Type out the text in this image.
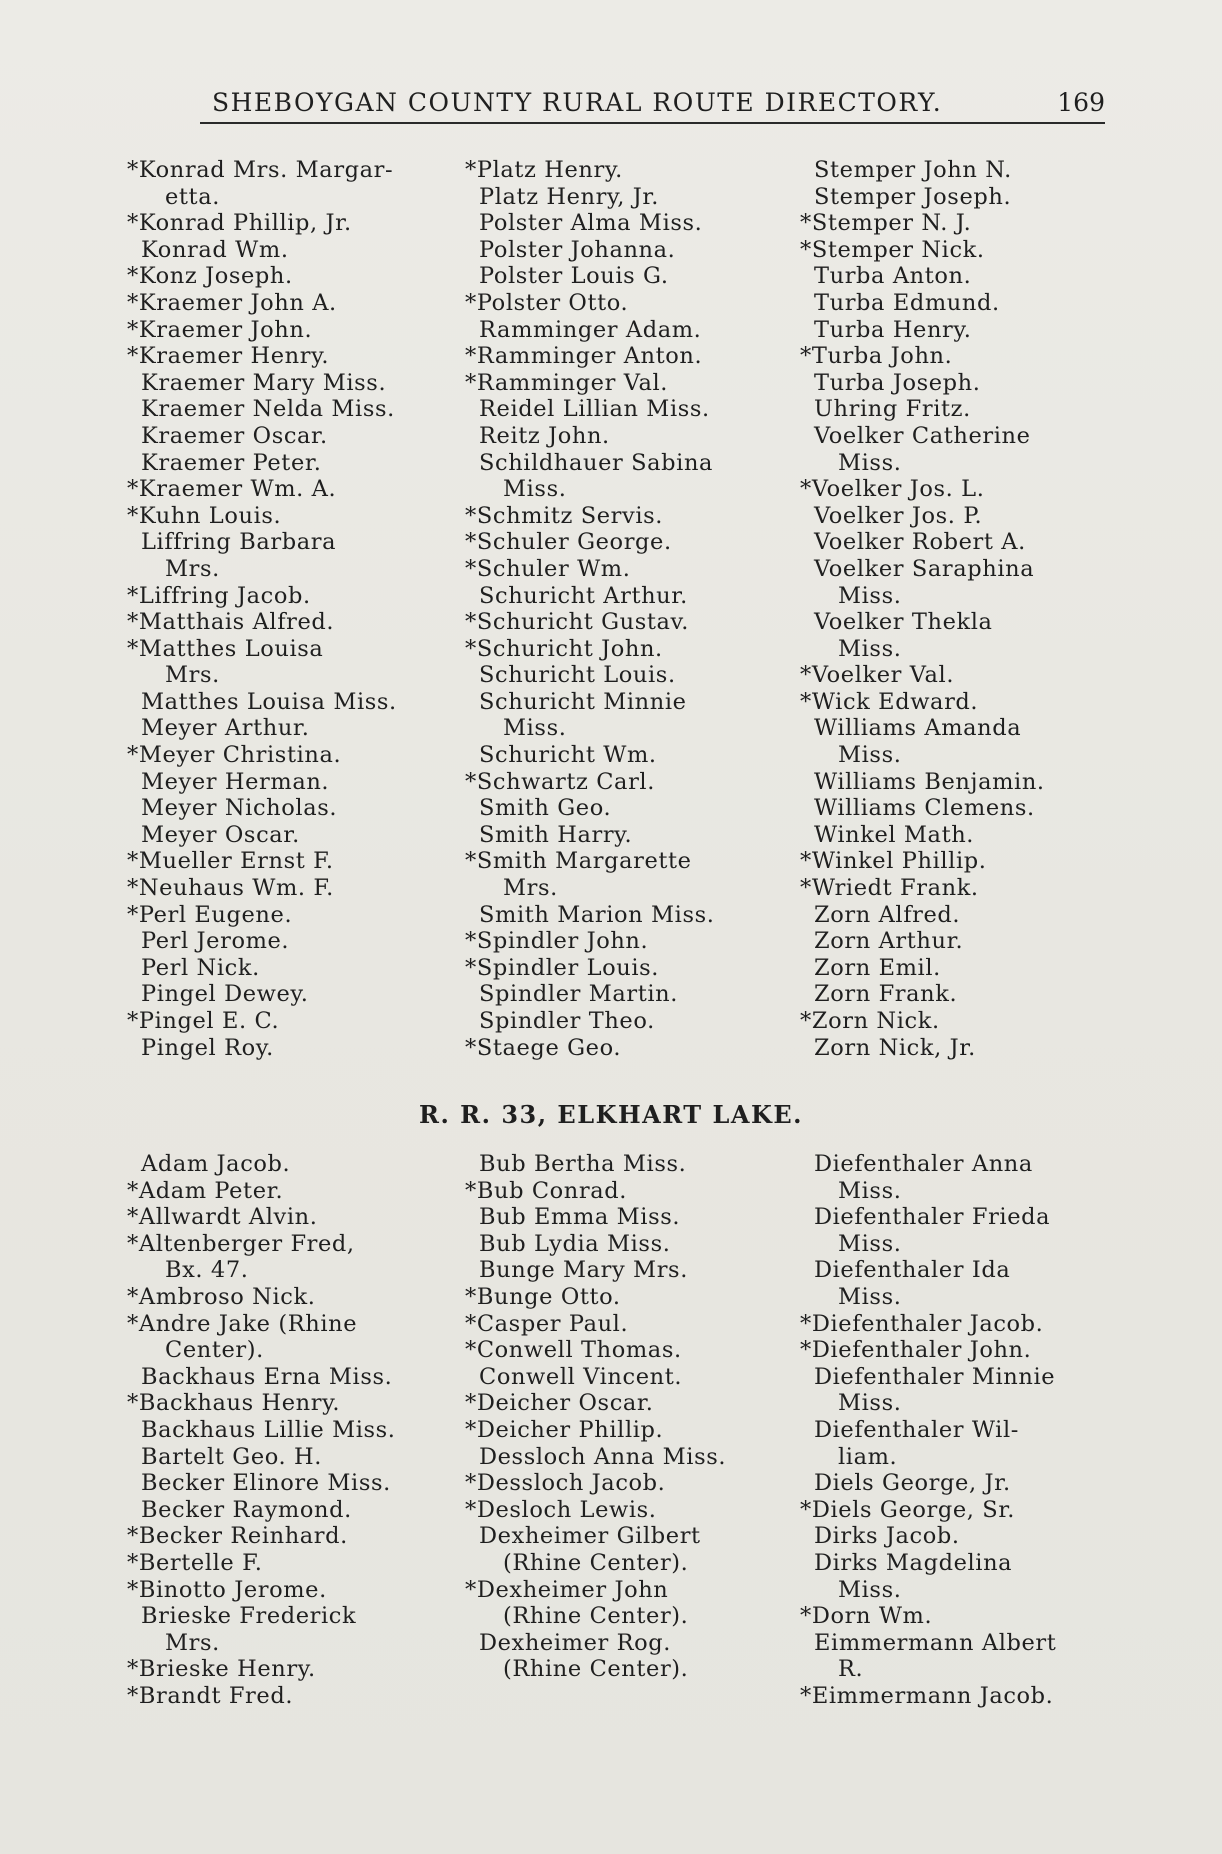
SHEBOYGAN COUNTY RURAL ROUTE DIRECTORY.	169
*Konrad Mrs. Margar-
etta.
*Konrad Phillip, Jr.
Konrad Wm.
*Konz Joseph.
*Kraemer John A.
*Kraemer John.
*Kraemer Henry.
Kraemer Mary Miss.
Kraemer Nelda Miss.
Kraemer Oscar.
Kraemer Peter.
*Kraemer Wm. A.
*Kuhn Louis.
Liffring Barbara
Mrs.
*Liffring Jacob.
*Matthais Alfred.
*Matthes Louisa
Mrs.
Matthes Louisa Miss.
Meyer Arthur.
*Meyer Christina.
Meyer Herman.
Meyer Nicholas.
Meyer Oscar.
*Mueller Ernst F.
*Neuhaus Wm. F.
*Perl Eugene.
Perl Jerome.
Perl Nick.
Pingel Dewey.
*Pingel E. C.
Pingel Roy.
*Platz Henry.
Platz Henry, Jr.
Polster Alma Miss.
Polster Johanna.
Polster Louis G.
*Polster Otto.
Ramminger Adam.
*Ramminger Anton.
*Ramminger Val.
Reidel Lillian Miss.
Reitz John.
Schildhauer Sabina
Miss.
*Schmitz Servis.
*Schuler George.
*Schuler Wm.
Schuricht Arthur.
*Schuricht Gustav.
*Schuricht John.
Schuricht Louis.
Schuricht Minnie
Miss.
Schuricht Wm.
*Schwartz Carl.
Smith Geo.
Smith Harry.
*Smith Margarette
Mrs.
Smith Marion Miss.
*Spindler John.
*Spindler Louis.
Spindler Martin.
Spindler Theo.
*Staege Geo.
Stemper John N.
Stemper Joseph.
*Stemper N. J.
*Stemper Nick.
Turba Anton.
Turba Edmund.
Turba Henry.
*Turba John.
Turba Joseph.
Uhring Fritz.
Voelker Catherine
Miss.
*Voelker Jos. L.
Voelker Jos. P.
Voelker Robert A.
Voelker Saraphina
Miss.
Voelker Thekla
Miss.
*Voelker Val.
*Wick Edward.
Williams Amanda
Miss.
Williams Benjamin.
Williams Clemens.
Winkel Math.
*Winkel Phillip.
*Wriedt Frank.
Zorn Alfred.
Zorn Arthur.
Zorn Emil.
Zorn Frank.
*Zorn Nick.
Zorn Nick, Jr.
R. R. 33, ELKHART LAKE.
Adam Jacob.
*Adam Peter.
*Allwardt Alvin.
*Altenberger Fred,
Bx. 47.
*Ambroso Nick.
*Andre Jake (Rhine
Center).
Backhaus Erna Miss.
*Backhaus Henry.
Backhaus Lillie Miss.
Bartelt Geo. H.
Becker Elinore Miss.
Becker Raymond.
*Becker Reinhard.
*Bertelle F.
*Binotto Jerome.
Brieske Frederick
Mrs.
*Brieske Henry.
*Brandt Fred.
Bub Bertha Miss.
*Bub Conrad.
Bub Emma Miss.
Bub Lydia Miss.
Bunge Mary Mrs.
*Bunge Otto.
*Casper Paul.
*Conwell Thomas.
Conwell Vincent.
*Deicher Oscar.
*Deicher Phillip.
Dessloch Anna Miss.
*Dessloch Jacob.
*Desloch Lewis.
Dexheimer Gilbert
(Rhine Center).
*Dexheimer John
(Rhine Center).
Dexheimer Rog.
(Rhine Center).
Diefenthaler Anna
Miss.
Diefenthaler Frieda
Miss.
Diefenthaler Ida
Miss.
*Diefenthaler Jacob.
*Diefenthaler John.
Diefenthaler Minnie
Miss.
Diefenthaler Wil-
liam.
Diels George, Jr.
*Diels George, Sr.
Dirks Jacob.
Dirks Magdelina
Miss.
*Dorn Wm.
Eimmermann Albert
R.
*Eimmermann Jacob.
